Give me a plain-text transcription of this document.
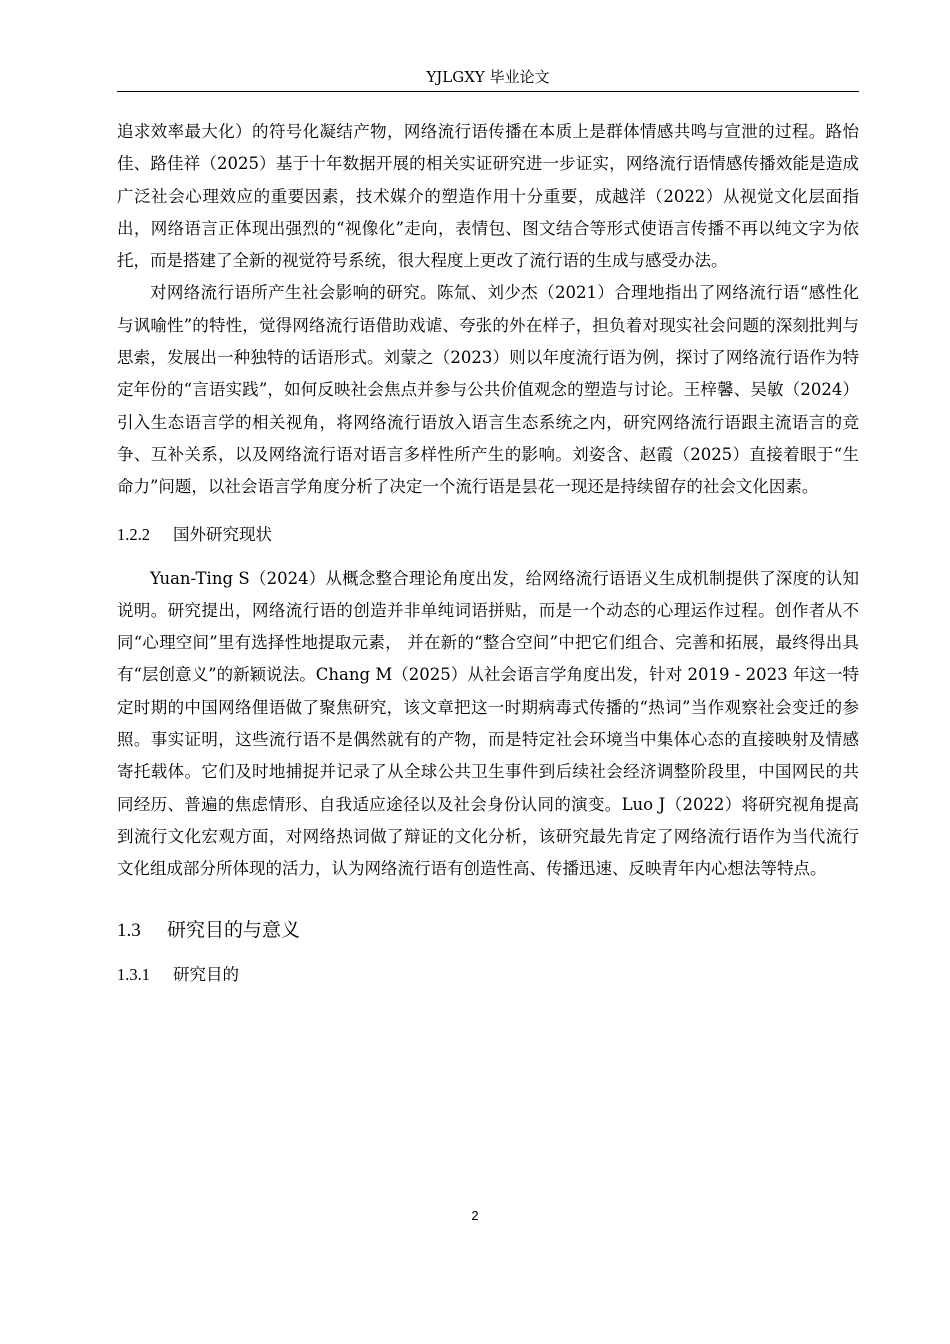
YJLGXY 毕业论文

追求效率最大化）的符号化凝结产物，网络流行语传播在本质上是群体情感共鸣与宣泄的过程。路怡佳、路佳祥（2025）基于十年数据开展的相关实证研究进一步证实，网络流行语情感传播效能是造成广泛社会心理效应的重要因素，技术媒介的塑造作用十分重要，成越洋（2022）从视觉文化层面指出，网络语言正体现出强烈的“视像化”走向，表情包、图文结合等形式使语言传播不再以纯文字为依托，而是搭建了全新的视觉符号系统，很大程度上更改了流行语的生成与感受办法。

对网络流行语所产生社会影响的研究。陈氚、刘少杰（2021）合理地指出了网络流行语“感性化与讽喻性”的特性，觉得网络流行语借助戏谑、夸张的外在样子，担负着对现实社会问题的深刻批判与思索，发展出一种独特的话语形式。刘蒙之（2023）则以年度流行语为例，探讨了网络流行语作为特定年份的“言语实践”，如何反映社会焦点并参与公共价值观念的塑造与讨论。王梓馨、吴敏（2024）引入生态语言学的相关视角，将网络流行语放入语言生态系统之内，研究网络流行语跟主流语言的竞争、互补关系，以及网络流行语对语言多样性所产生的影响。刘姿含、赵霞（2025）直接着眼于“生命力”问题，以社会语言学角度分析了决定一个流行语是昙花一现还是持续留存的社会文化因素。

1.2.2 国外研究现状

Yuan-Ting S（2024）从概念整合理论角度出发，给网络流行语语义生成机制提供了深度的认知说明。研究提出，网络流行语的创造并非单纯词语拼贴，而是一个动态的心理运作过程。创作者从不同“心理空间”里有选择性地提取元素， 并在新的“整合空间”中把它们组合、完善和拓展，最终得出具有“层创意义”的新颖说法。Chang M（2025）从社会语言学角度出发，针对 2019 - 2023 年这一特定时期的中国网络俚语做了聚焦研究，该文章把这一时期病毒式传播的“热词”当作观察社会变迁的参照。事实证明，这些流行语不是偶然就有的产物，而是特定社会环境当中集体心态的直接映射及情感寄托载体。它们及时地捕捉并记录了从全球公共卫生事件到后续社会经济调整阶段里，中国网民的共同经历、普遍的焦虑情形、自我适应途径以及社会身份认同的演变。Luo J（2022）将研究视角提高到流行文化宏观方面，对网络热词做了辩证的文化分析，该研究最先肯定了网络流行语作为当代流行文化组成部分所体现的活力，认为网络流行语有创造性高、传播迅速、反映青年内心想法等特点。

1.3 研究目的与意义
1.3.1 研究目的
2
